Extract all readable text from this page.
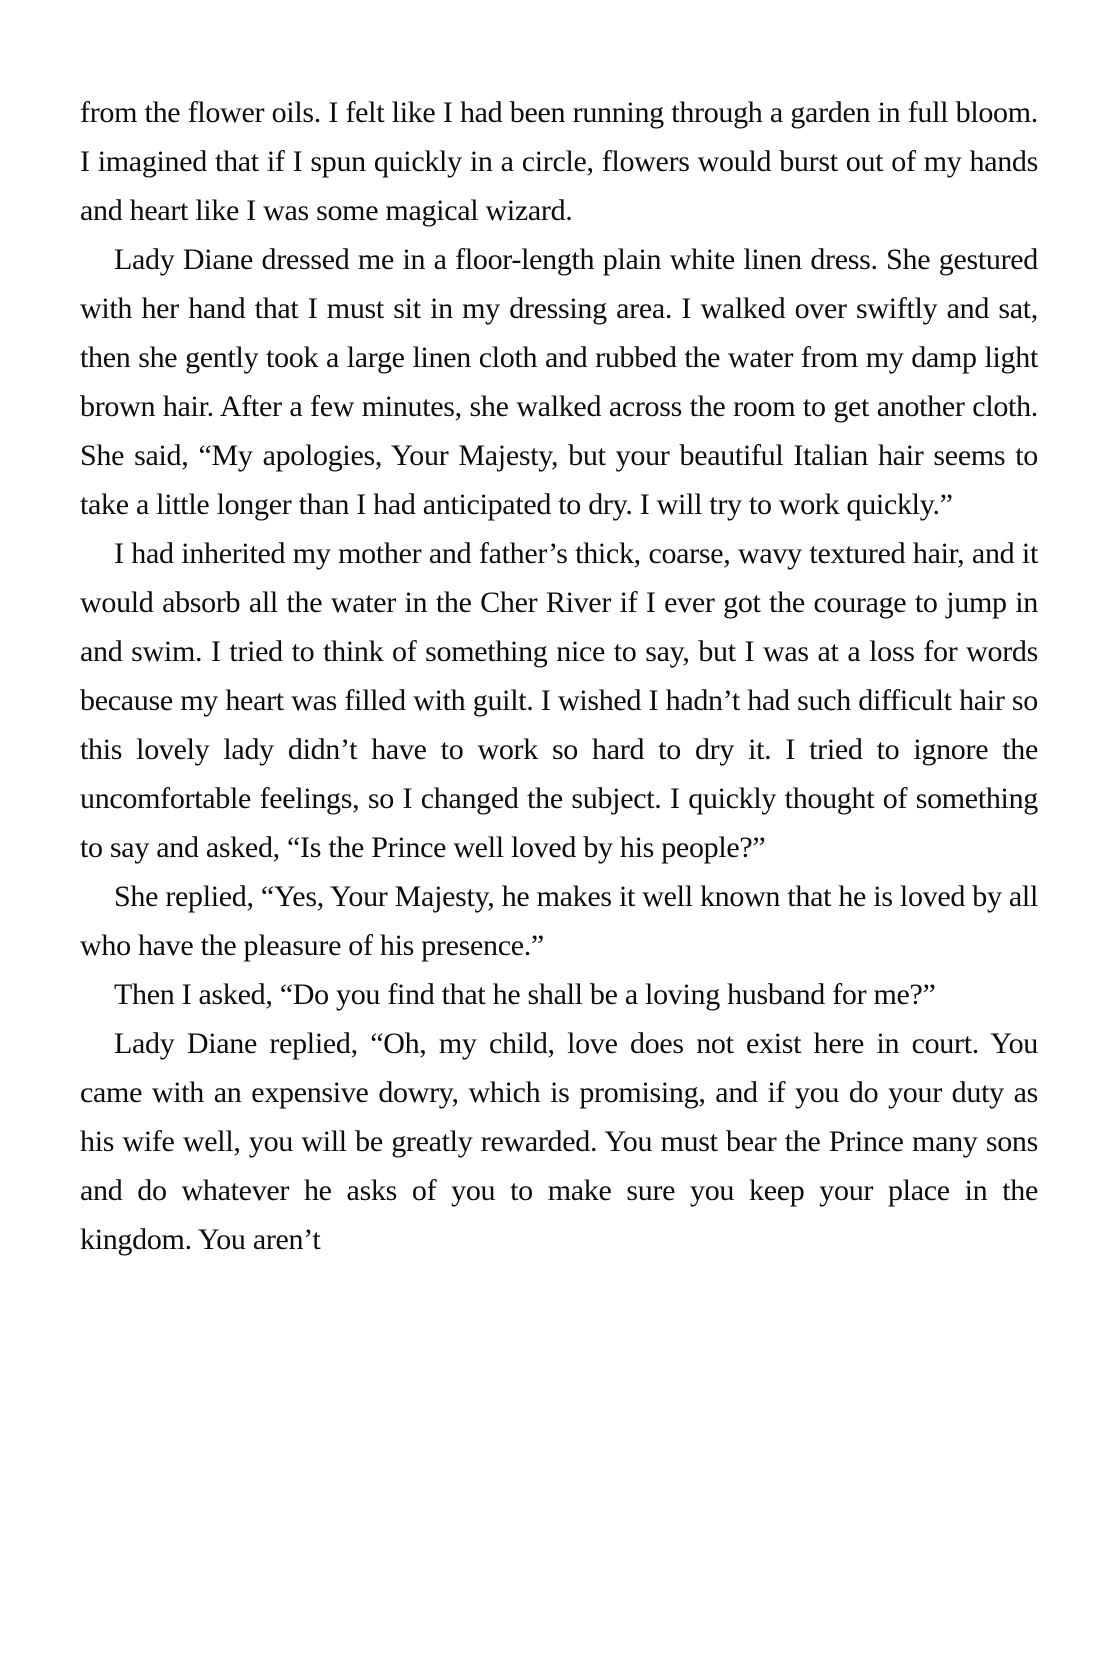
from the flower oils. I felt like I had been running through a garden in full bloom. I imagined that if I spun quickly in a circle, flowers would burst out of my hands and heart like I was some magical wizard.

Lady Diane dressed me in a floor-length plain white linen dress. She gestured with her hand that I must sit in my dressing area. I walked over swiftly and sat, then she gently took a large linen cloth and rubbed the water from my damp light brown hair. After a few minutes, she walked across the room to get another cloth. She said, “My apologies, Your Majesty, but your beautiful Italian hair seems to take a little longer than I had anticipated to dry. I will try to work quickly.”

I had inherited my mother and father’s thick, coarse, wavy textured hair, and it would absorb all the water in the Cher River if I ever got the courage to jump in and swim. I tried to think of something nice to say, but I was at a loss for words because my heart was filled with guilt. I wished I hadn’t had such difficult hair so this lovely lady didn’t have to work so hard to dry it. I tried to ignore the uncomfortable feelings, so I changed the subject. I quickly thought of something to say and asked, “Is the Prince well loved by his people?”

She replied, “Yes, Your Majesty, he makes it well known that he is loved by all who have the pleasure of his presence.”

Then I asked, “Do you find that he shall be a loving husband for me?”

Lady Diane replied, “Oh, my child, love does not exist here in court. You came with an expensive dowry, which is promising, and if you do your duty as his wife well, you will be greatly rewarded. You must bear the Prince many sons and do whatever he asks of you to make sure you keep your place in the kingdom. You aren’t
